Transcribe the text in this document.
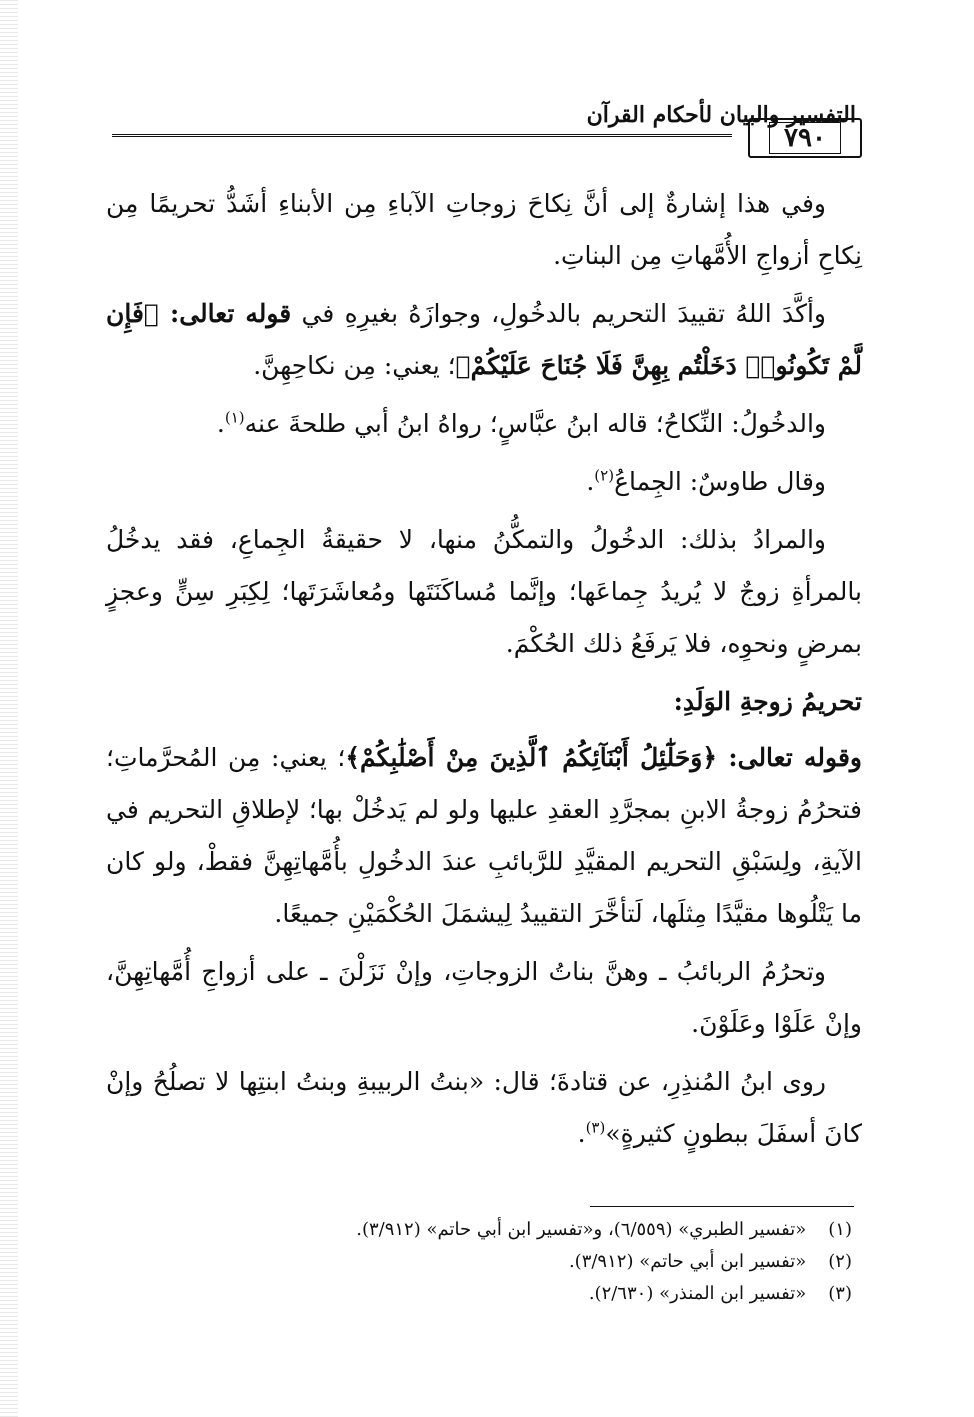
٧٩٠
التفسير والبيان لأحكام القرآن

وفي هذا إشارةٌ إلى أنَّ نِكاحَ زوجاتِ الآباءِ مِن الأبناءِ أشَدُّ تحريمًا مِن نِكاحِ أزواجِ الأُمَّهاتِ مِن البناتِ.

وأكَّدَ اللهُ تقييدَ التحريم بالدخُولِ، وجوازَهُ بغيرِهِ في قوله تعالى: ﴿فَإِن لَّمْ تَكُونُوا۟ دَخَلْتُم بِهِنَّ فَلَا جُنَاحَ عَلَيْكُمْ﴾؛ يعني: مِن نكاحِهِنَّ.

والدخُولُ: النِّكاحُ؛ قاله ابنُ عبَّاسٍ؛ رواهُ ابنُ أبي طلحةَ عنه$^{(١)}$.

وقال طاوسٌ: الجِماعُ$^{(٢)}$.

والمرادُ بذلك: الدخُولُ والتمكُّنُ منها، لا حقيقةُ الجِماعِ، فقد يدخُلُ بالمرأةِ زوجٌ لا يُريدُ جِماعَها؛ وإنَّما مُساكَنَتَها ومُعاشَرَتَها؛ لِكِبَرِ سِنٍّ وعجزٍ بمرضٍ ونحوِه، فلا يَرفَعُ ذلك الحُكْمَ.

تحريمُ زوجةِ الوَلَدِ:

وقوله تعالى: ﴿وَحَلَٰٓئِلُ أَبْنَآئِكُمُ ٱلَّذِينَ مِنْ أَصْلَٰبِكُمْ﴾؛ يعني: مِن المُحرَّماتِ؛ فتحرُمُ زوجةُ الابنِ بمجرَّدِ العقدِ عليها ولو لم يَدخُلْ بها؛ لإطلاقِ التحريم في الآيةِ، ولِسَبْقِ التحريم المقيَّدِ للرَّبائبِ عندَ الدخُولِ بأُمَّهاتِهِنَّ فقطْ، ولو كان ما يَتْلُوها مقيَّدًا مِثلَها، لَتأخَّرَ التقييدُ لِيشمَلَ الحُكْمَيْنِ جميعًا.

وتحرُمُ الربائبُ ـ وهنَّ بناتُ الزوجاتِ، وإنْ نَزَلْنَ ـ على أزواجِ أُمَّهاتِهِنَّ، وإنْ عَلَوْا وعَلَوْنَ.

روى ابنُ المُنذِرِ، عن قتادةَ؛ قال: «بنتُ الربيبةِ وبنتُ ابنتِها لا تصلُحُ وإنْ كانَ أسفَلَ ببطونٍ كثيرةٍ»$^{(٣)}$.

(١) «تفسير الطبري» (٦/٥٥٩)، و«تفسير ابن أبي حاتم» (٣/٩١٢).

(٢) «تفسير ابن أبي حاتم» (٣/٩١٢).

(٣) «تفسير ابن المنذر» (٢/٦٣٠).
